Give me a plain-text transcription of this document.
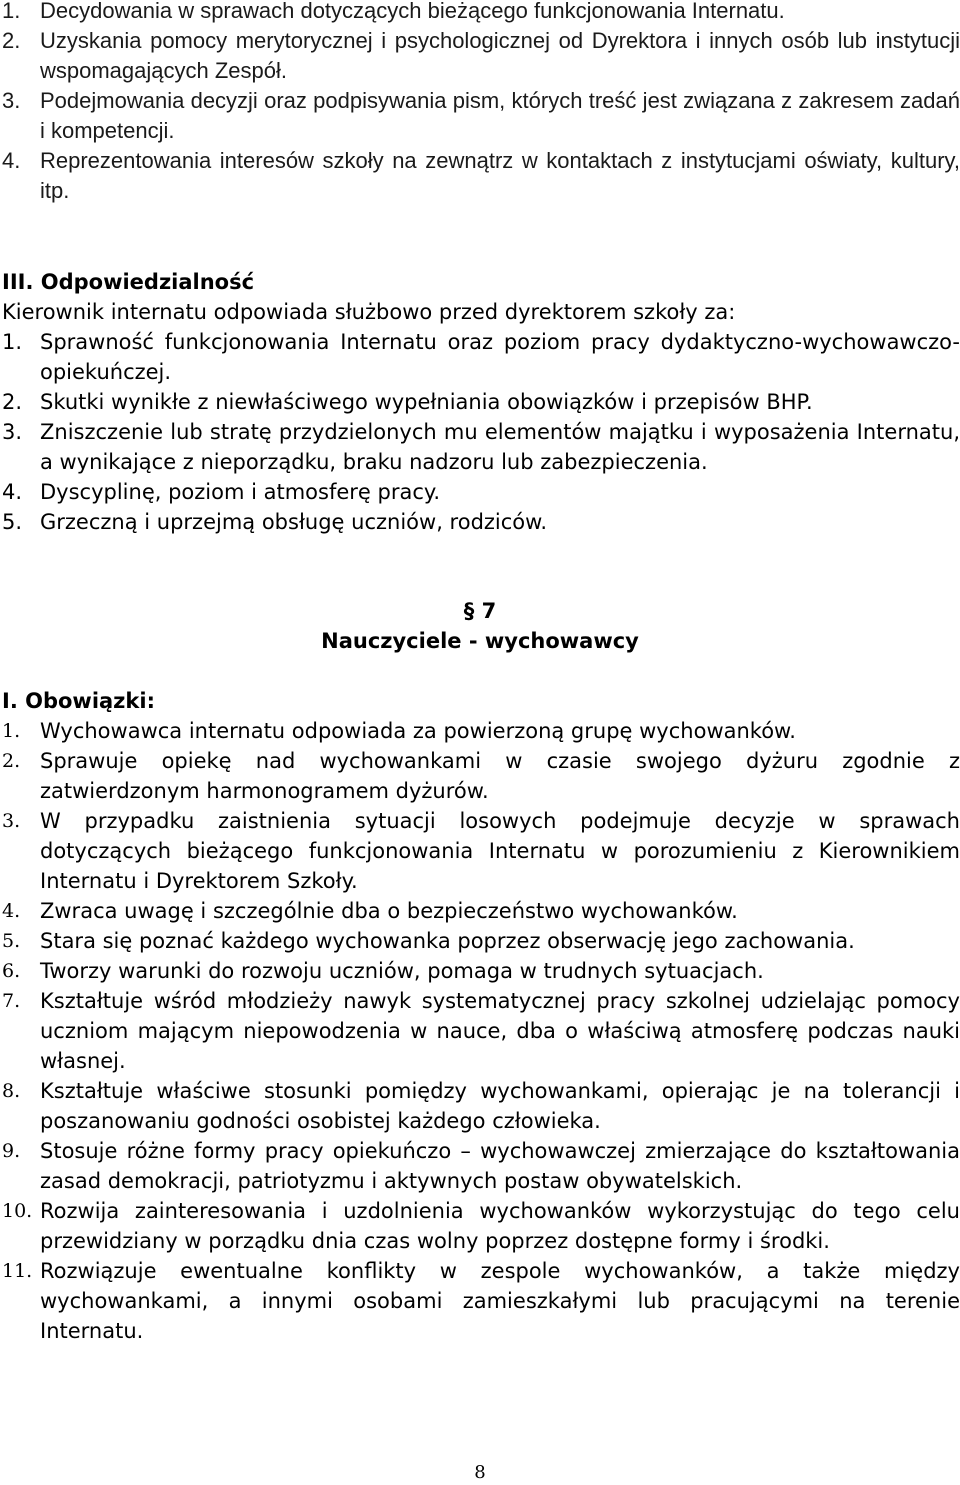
1. Decydowania w sprawach dotyczących bieżącego funkcjonowania Internatu.
2. Uzyskania pomocy merytorycznej i psychologicznej od Dyrektora i innych osób lub instytucji wspomagających Zespół.
3. Podejmowania decyzji oraz podpisywania pism, których treść jest związana z zakresem zadań i kompetencji.
4. Reprezentowania interesów szkoły na zewnątrz w kontaktach z instytucjami oświaty, kultury, itp.
III. Odpowiedzialność
Kierownik internatu odpowiada służbowo przed dyrektorem szkoły za:
1. Sprawność funkcjonowania Internatu oraz poziom pracy dydaktyczno-wychowawczo-opiekuńczej.
2. Skutki wynikłe z niewłaściwego wypełniania obowiązków i przepisów BHP.
3. Zniszczenie lub stratę przydzielonych mu elementów majątku i wyposażenia Internatu, a wynikające z nieporządku, braku nadzoru lub zabezpieczenia.
4. Dyscyplinę, poziom i atmosferę pracy.
5. Grzeczną i uprzejmą obsługę uczniów, rodziców.
§ 7
Nauczyciele - wychowawcy
I. Obowiązki:
1. Wychowawca internatu odpowiada za powierzoną grupę wychowanków.
2. Sprawuje opiekę nad wychowankami w czasie swojego dyżuru zgodnie z zatwierdzonym harmonogramem dyżurów.
3. W przypadku zaistnienia sytuacji losowych podejmuje decyzje w sprawach dotyczących bieżącego funkcjonowania Internatu w porozumieniu z Kierownikiem Internatu i Dyrektorem Szkoły.
4. Zwraca uwagę i szczególnie dba o bezpieczeństwo wychowanków.
5. Stara się poznać każdego wychowanka poprzez obserwację jego zachowania.
6. Tworzy warunki do rozwoju uczniów, pomaga w trudnych sytuacjach.
7. Kształtuje wśród młodzieży nawyk systematycznej pracy szkolnej udzielając pomocy uczniom mającym niepowodzenia w nauce, dba o właściwą atmosferę podczas nauki własnej.
8. Kształtuje właściwe stosunki pomiędzy wychowankami, opierając je na tolerancji i poszanowaniu godności osobistej każdego człowieka.
9. Stosuje różne formy pracy opiekuńczo – wychowawczej zmierzające do kształtowania zasad demokracji, patriotyzmu i aktywnych postaw obywatelskich.
10. Rozwija zainteresowania i uzdolnienia wychowanków wykorzystując do tego celu przewidziany w porządku dnia czas wolny poprzez dostępne formy i środki.
11. Rozwiązuje ewentualne konflikty w zespole wychowanków, a także między wychowankami, a innymi osobami zamieszkałymi lub pracującymi na terenie Internatu.
8
